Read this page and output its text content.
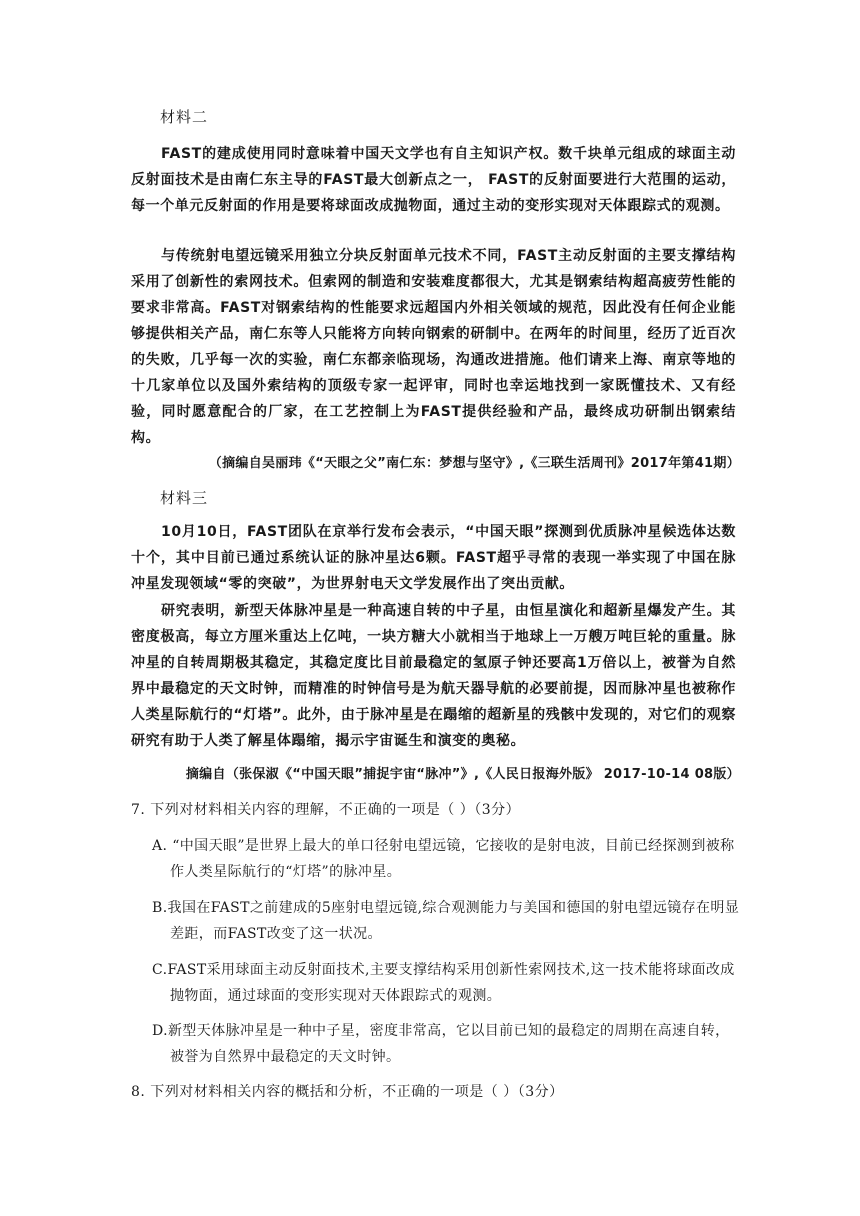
材料二
FAST的建成使用同时意味着中国天文学也有自主知识产权。数千块单元组成的球面主动反射面技术是由南仁东主导的FAST最大创新点之一， FAST的反射面要进行大范围的运动，每一个单元反射面的作用是要将球面改成抛物面，通过主动的变形实现对天体跟踪式的观测。
与传统射电望远镜采用独立分块反射面单元技术不同，FAST主动反射面的主要支撑结构采用了创新性的索网技术。但索网的制造和安装难度都很大，尤其是钢索结构超高疲劳性能的要求非常高。FAST对钢索结构的性能要求远超国内外相关领域的规范，因此没有任何企业能够提供相关产品，南仁东等人只能将方向转向钢索的研制中。在两年的时间里，经历了近百次的失败，几乎每一次的实验，南仁东都亲临现场，沟通改进措施。他们请来上海、南京等地的十几家单位以及国外索结构的顶级专家一起评审，同时也幸运地找到一家既懂技术、又有经验，同时愿意配合的厂家，在工艺控制上为FAST提供经验和产品，最终成功研制出钢索结构。
（摘编自吴丽玮《“天眼之父”南仁东：梦想与坚守》,《三联生活周刊》2017年第41期）
材料三
10月10日，FAST团队在京举行发布会表示，“中国天眼”探测到优质脉冲星候选体达数十个，其中目前已通过系统认证的脉冲星达6颗。FAST超乎寻常的表现一举实现了中国在脉冲星发现领域“零的突破”，为世界射电天文学发展作出了突出贡献。
研究表明，新型天体脉冲星是一种高速自转的中子星，由恒星演化和超新星爆发产生。其密度极高，每立方厘米重达上亿吨，一块方糖大小就相当于地球上一万艘万吨巨轮的重量。脉冲星的自转周期极其稳定，其稳定度比目前最稳定的氢原子钟还要高1万倍以上，被誉为自然界中最稳定的天文时钟，而精准的时钟信号是为航天器导航的必要前提，因而脉冲星也被称作人类星际航行的“灯塔”。此外，由于脉冲星是在蹋缩的超新星的残骸中发现的，对它们的观察研究有助于人类了解星体蹋缩，揭示宇宙诞生和演变的奥秘。
摘编自（张保淑《“中国天眼”捕捉宇宙“脉冲”》,《人民日报海外版》 2017-10-14 08版）
7. 下列对材料相关内容的理解，不正确的一项是（ ）（3分）
A. “中国天眼”是世界上最大的单口径射电望远镜，它接收的是射电波，目前已经探测到被称作人类星际航行的“灯塔”的脉冲星。
B.我国在FAST之前建成的5座射电望远镜,综合观测能力与美国和德国的射电望远镜存在明显差距，而FAST改变了这一状况。
C.FAST采用球面主动反射面技术,主要支撑结构采用创新性索网技术,这一技术能将球面改成抛物面，通过球面的变形实现对天体跟踪式的观测。
D.新型天体脉冲星是一种中子星，密度非常高，它以目前已知的最稳定的周期在高速自转，被誉为自然界中最稳定的天文时钟。
8. 下列对材料相关内容的概括和分析，不正确的一项是（ ）（3分）
